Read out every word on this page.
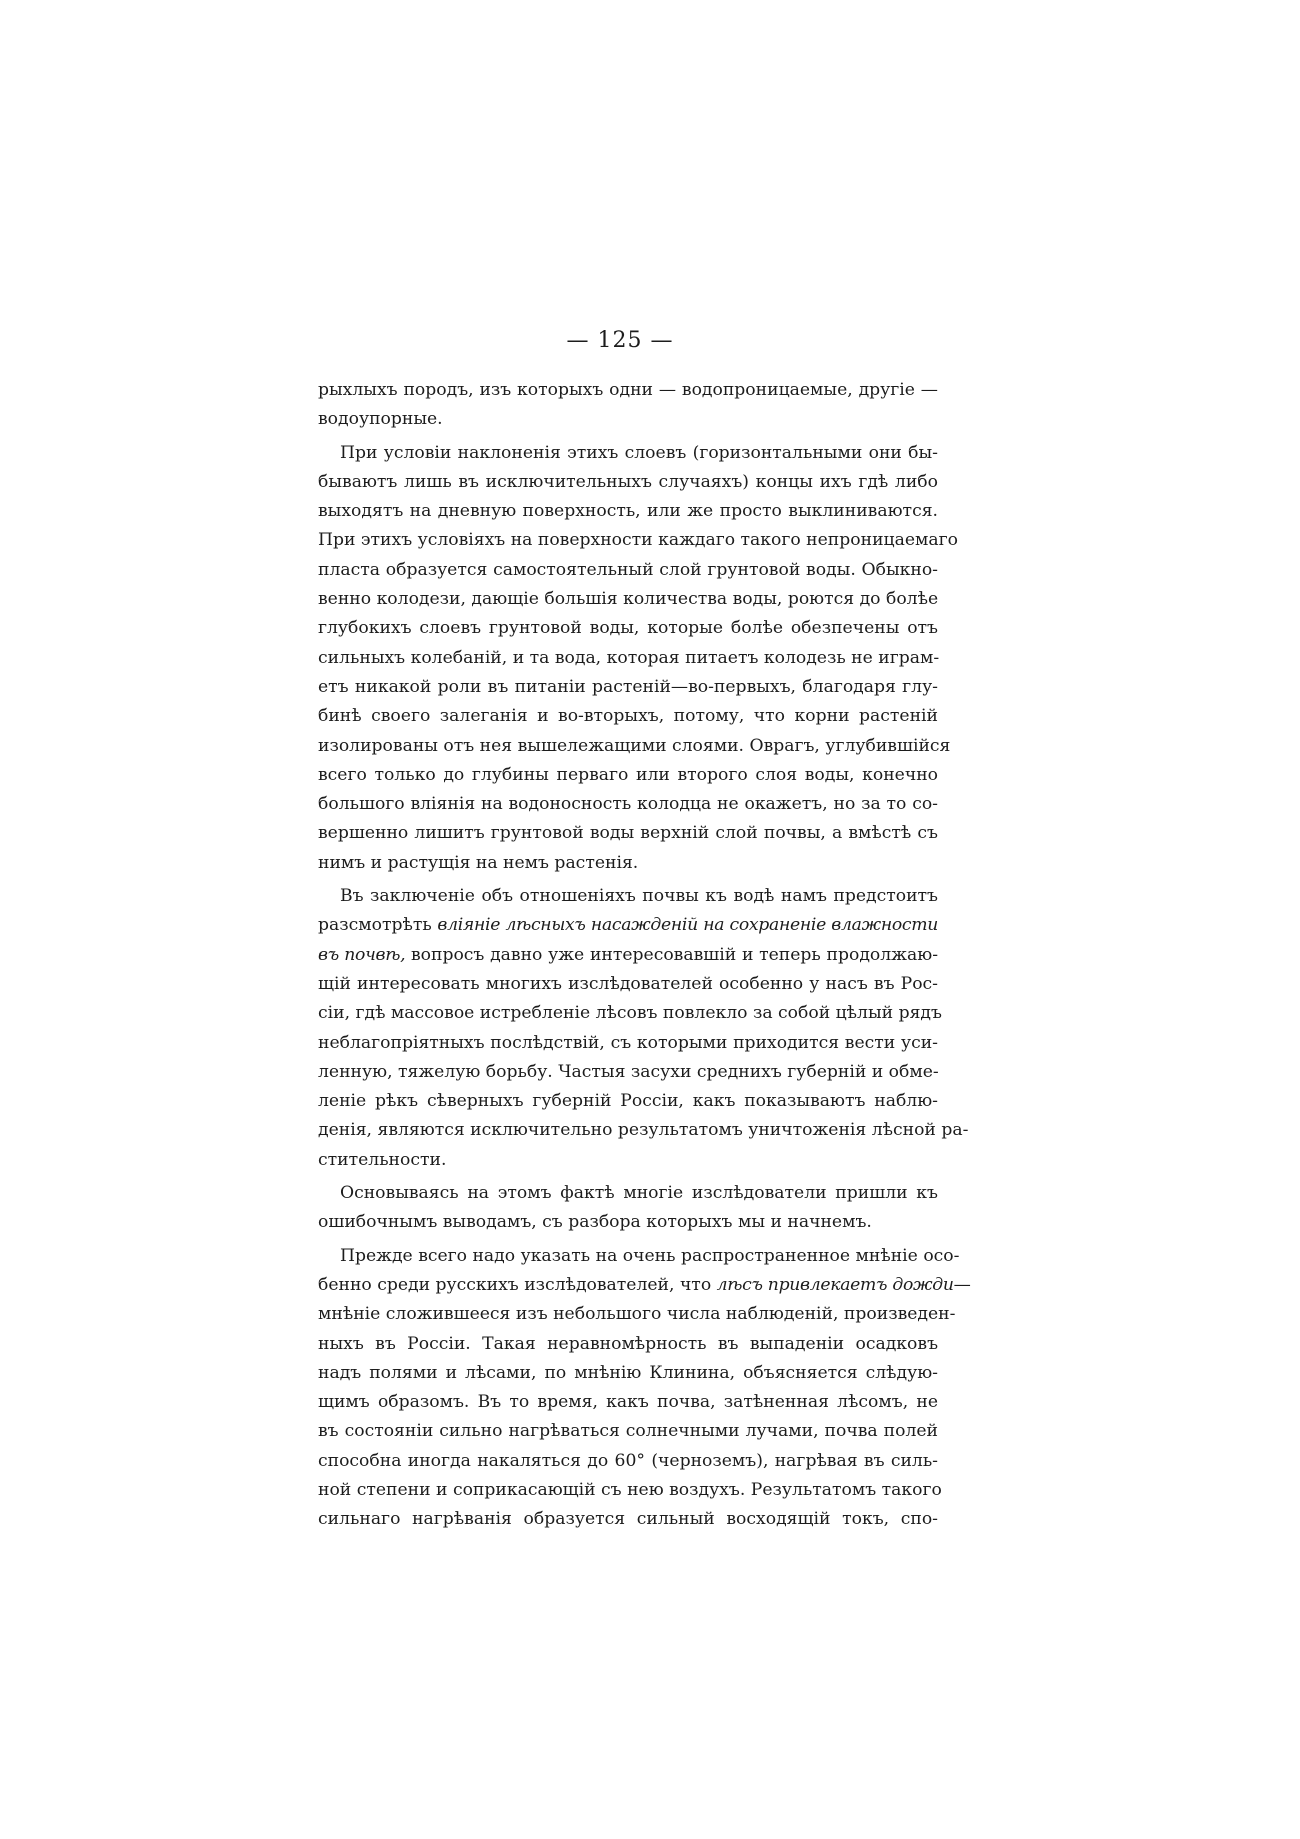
— 125 —

рыхлыхъ породъ, изъ которыхъ одни — водопроницаемые, другіе —
водоупорные.

При условіи наклоненія этихъ слоевъ (горизонтальными они бы-
бываютъ лишь въ исключительныхъ случаяхъ) концы ихъ гдѣ либо
выходятъ на дневную поверхность, или же просто выклиниваются.
При этихъ условіяхъ на поверхности каждаго такого непроницаемаго
пласта образуется самостоятельный слой грунтовой воды. Обыкно-
венно колодези, дающіе большія количества воды, роются до болѣе
глубокихъ слоевъ грунтовой воды, которые болѣе обезпечены отъ
сильныхъ колебаній, и та вода, которая питаетъ колодезь не играм-
етъ никакой роли въ питаніи растеній—во-первыхъ, благодаря глу-
бинѣ своего залеганія и во-вторыхъ, потому, что корни растеній
изолированы отъ нея вышележащими слоями. Оврагъ, углубившійся
всего только до глубины перваго или второго слоя воды, конечно
большого вліянія на водоносность колодца не окажетъ, но за то со-
вершенно лишитъ грунтовой воды верхній слой почвы, а вмѣстѣ съ
нимъ и растущія на немъ растенія.

Въ заключеніе объ отношеніяхъ почвы къ водѣ намъ предстоитъ
разсмотрѣть вліяніе лѣсныхъ насажденій на сохраненіе влажности
въ почвѣ, вопросъ давно уже интересовавшій и теперь продолжаю-
щій интересовать многихъ изслѣдователей особенно у насъ въ Рос-
сіи, гдѣ массовое истребленіе лѣсовъ повлекло за собой цѣлый рядъ
неблагопріятныхъ послѣдствій, съ которыми приходится вести уси-
ленную, тяжелую борьбу. Частыя засухи среднихъ губерній и обме-
леніе рѣкъ сѣверныхъ губерній Россіи, какъ показываютъ наблю-
денія, являются исключительно результатомъ уничтоженія лѣсной ра-
стительности.

Основываясь на этомъ фактѣ многіе изслѣдователи пришли къ
ошибочнымъ выводамъ, съ разбора которыхъ мы и начнемъ.

Прежде всего надо указать на очень распространенное мнѣніе осо-
бенно среди русскихъ изслѣдователей, что лѣсъ привлекаетъ дожди—
мнѣніе сложившееся изъ небольшого числа наблюденій, произведен-
ныхъ въ Россіи. Такая неравномѣрность въ выпаденіи осадковъ
надъ полями и лѣсами, по мнѣнію Клинина, объясняется слѣдую-
щимъ образомъ. Въ то время, какъ почва, затѣненная лѣсомъ, не
въ состояніи сильно нагрѣваться солнечными лучами, почва полей
способна иногда накаляться до 60° (черноземъ), нагрѣвая въ силь-
ной степени и соприкасающій съ нею воздухъ. Результатомъ такого
сильнаго нагрѣванія образуется сильный восходящій токъ, спо-
